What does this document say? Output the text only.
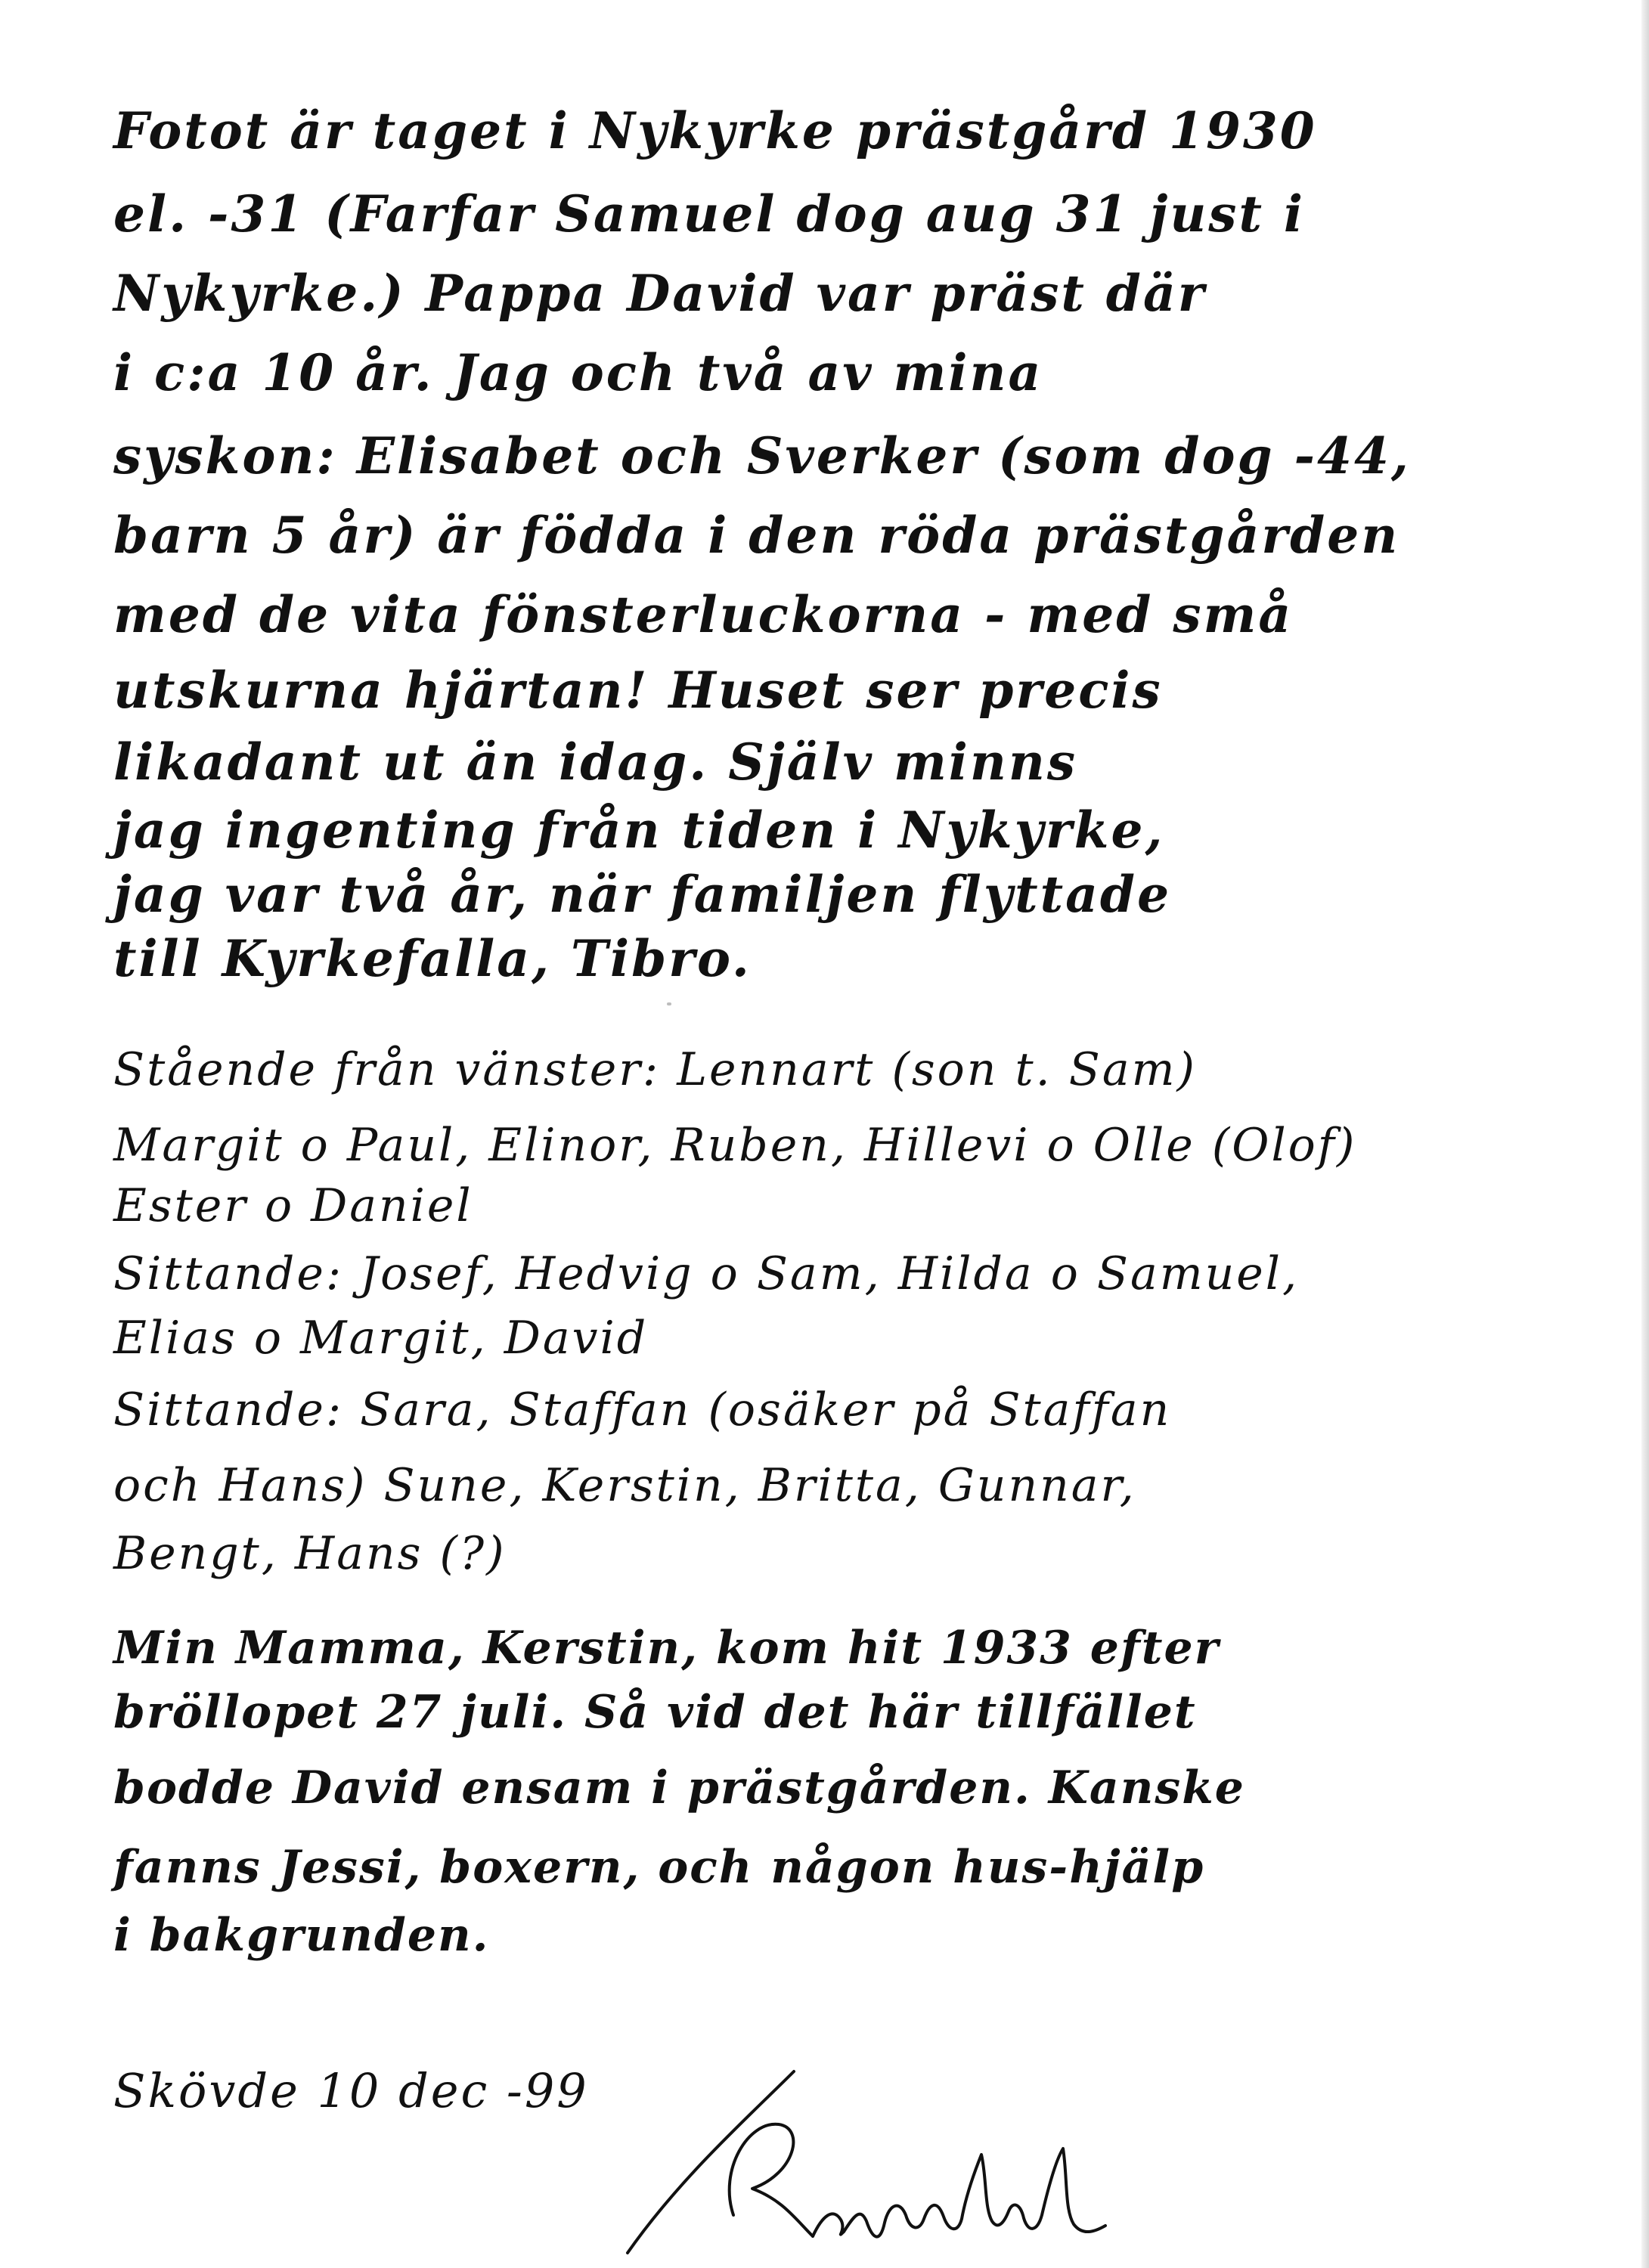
Fotot är taget i Nykyrke prästgård 1930
el. -31 (Farfar Samuel dog aug 31 just i
Nykyrke.) Pappa David var präst där
i c:a 10 år. Jag och två av mina
syskon: Elisabet och Sverker (som dog -44,
barn 5 år) är födda i den röda prästgården
med de vita fönsterluckorna - med små
utskurna hjärtan! Huset ser precis
likadant ut än idag. Själv minns
jag ingenting från tiden i Nykyrke,
jag var två år, när familjen flyttade
till Kyrkefalla, Tibro.
Stående från vänster: Lennart (son t. Sam)
Margit o Paul, Elinor, Ruben, Hillevi o Olle (Olof)
Ester o Daniel
Sittande: Josef, Hedvig o Sam, Hilda o Samuel,
Elias o Margit, David
Sittande: Sara, Staffan (osäker på Staffan
och Hans) Sune, Kerstin, Britta, Gunnar,
Bengt, Hans (?)
Min Mamma, Kerstin, kom hit 1933 efter
bröllopet 27 juli. Så vid det här tillfället
bodde David ensam i prästgården. Kanske
fanns Jessi, boxern, och någon hus-hjälp
i bakgrunden.
Skövde 10 dec -99
